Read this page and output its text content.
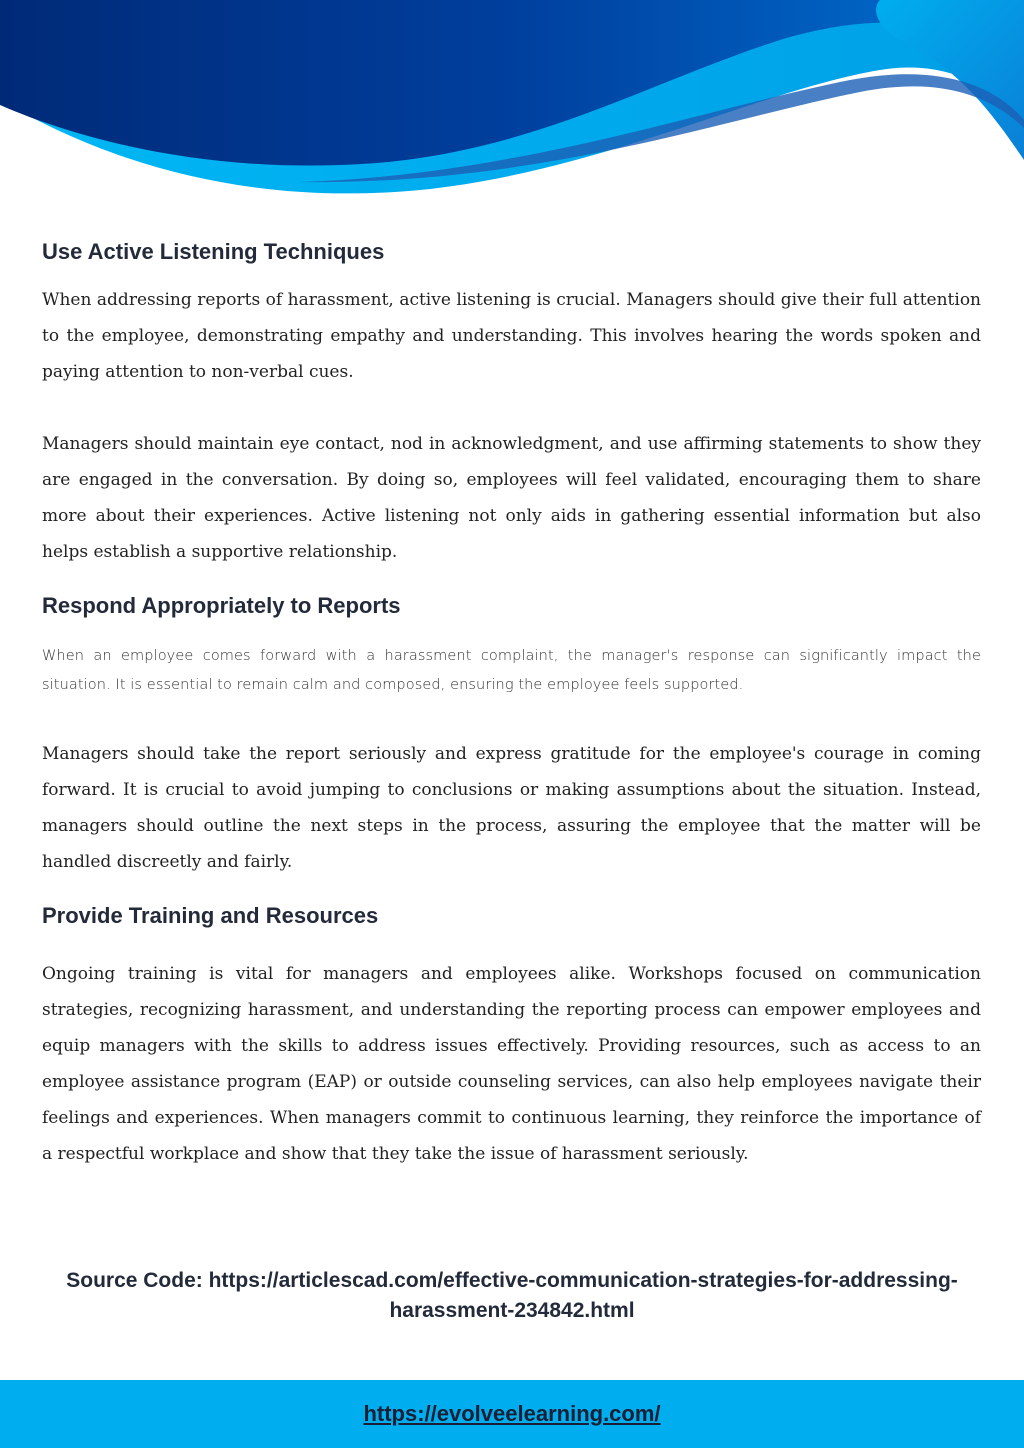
Use Active Listening Techniques

When addressing reports of harassment, active listening is crucial. Managers should give their full attention to the employee, demonstrating empathy and understanding. This involves hearing the words spoken and paying attention to non-verbal cues.

Managers should maintain eye contact, nod in acknowledgment, and use affirming statements to show they are engaged in the conversation. By doing so, employees will feel validated, encouraging them to share more about their experiences. Active listening not only aids in gathering essential information but also helps establish a supportive relationship.

Respond Appropriately to Reports

When an employee comes forward with a harassment complaint, the manager's response can significantly impact the situation. It is essential to remain calm and composed, ensuring the employee feels supported.

Managers should take the report seriously and express gratitude for the employee's courage in coming forward. It is crucial to avoid jumping to conclusions or making assumptions about the situation. Instead, managers should outline the next steps in the process, assuring the employee that the matter will be handled discreetly and fairly.

Provide Training and Resources

Ongoing training is vital for managers and employees alike. Workshops focused on communication strategies, recognizing harassment, and understanding the reporting process can empower employees and equip managers with the skills to address issues effectively. Providing resources, such as access to an employee assistance program (EAP) or outside counseling services, can also help employees navigate their feelings and experiences. When managers commit to continuous learning, they reinforce the importance of a respectful workplace and show that they take the issue of harassment seriously.

Source Code: https://articlescad.com/effective-communication-strategies-for-addressing-harassment-234842.html
https://evolveelearning.com/
